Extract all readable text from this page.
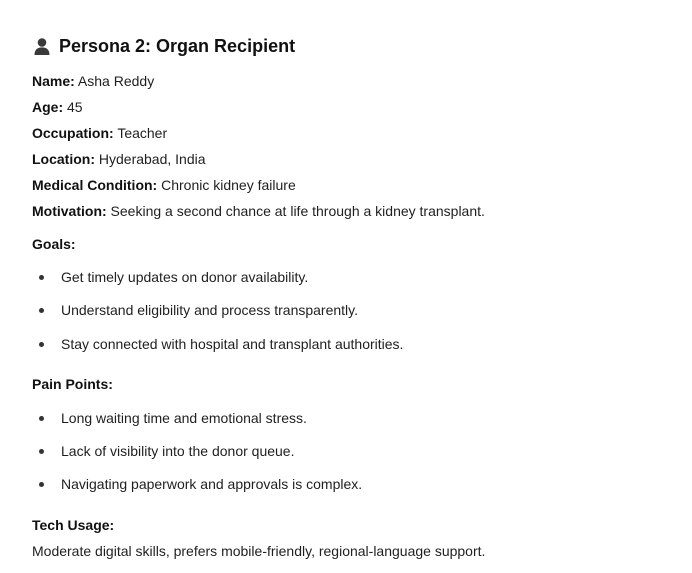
Persona 2: Organ Recipient
Name: Asha Reddy
Age: 45
Occupation: Teacher
Location: Hyderabad, India
Medical Condition: Chronic kidney failure
Motivation: Seeking a second chance at life through a kidney transplant.
Goals:
Get timely updates on donor availability.
Understand eligibility and process transparently.
Stay connected with hospital and transplant authorities.
Pain Points:
Long waiting time and emotional stress.
Lack of visibility into the donor queue.
Navigating paperwork and approvals is complex.
Tech Usage:
Moderate digital skills, prefers mobile-friendly, regional-language support.
